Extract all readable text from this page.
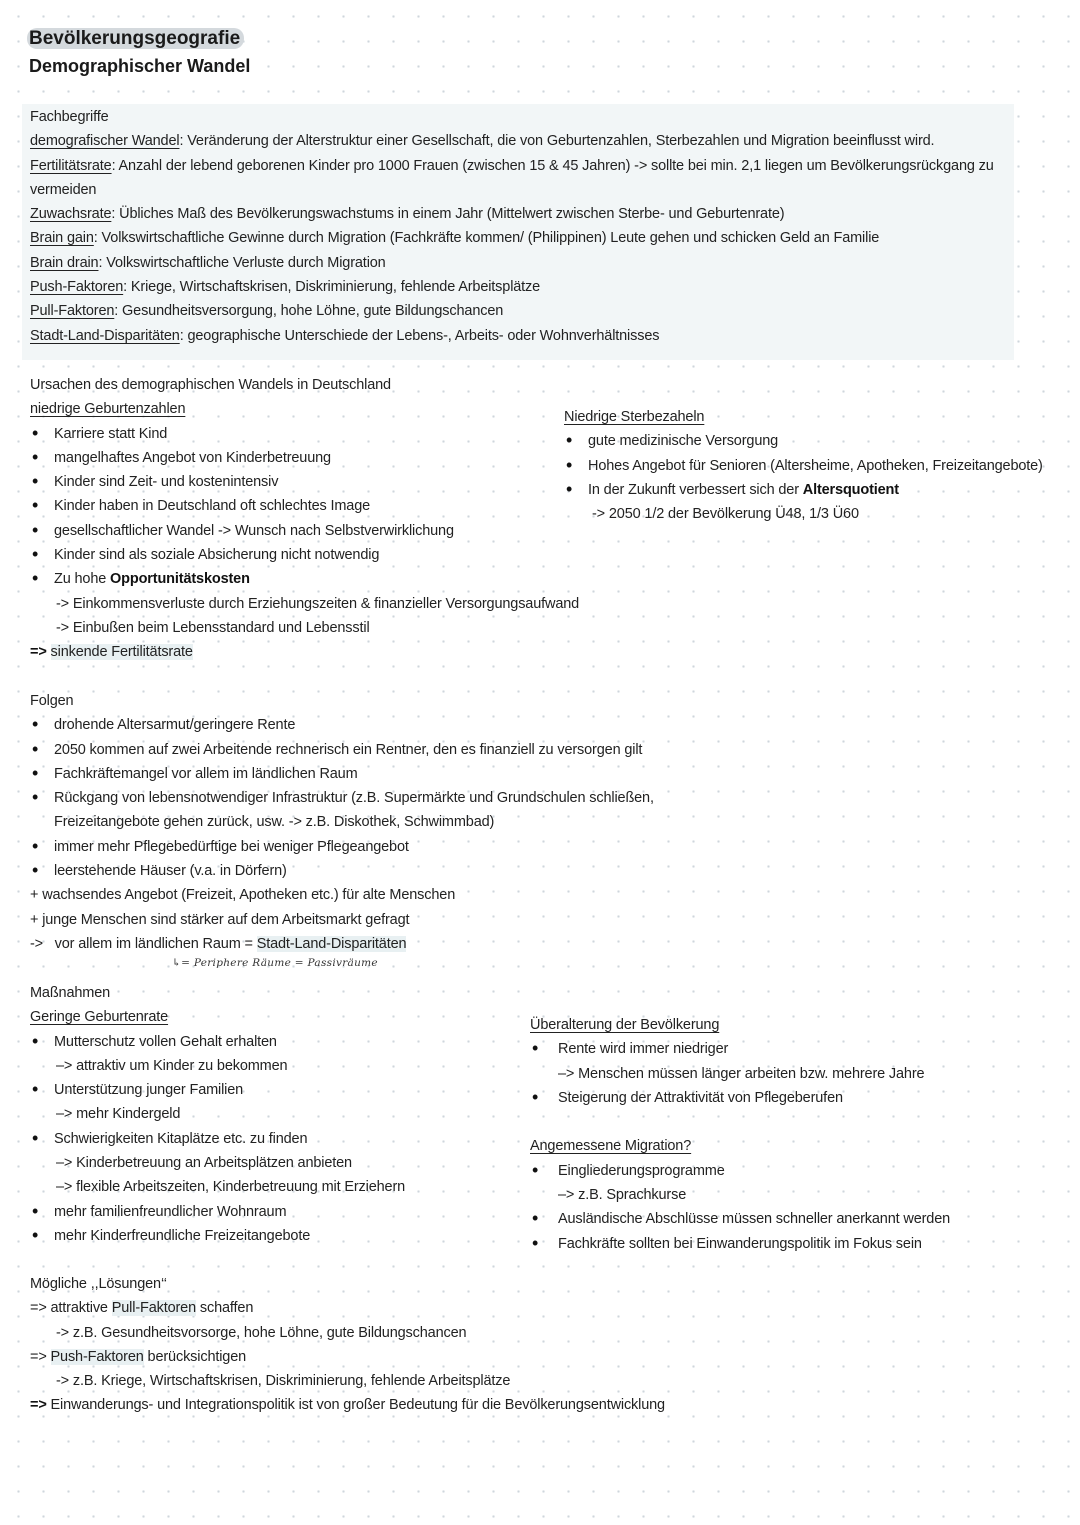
Bevölkerungsgeografie
Demographischer Wandel
Fachbegriffe
demografischer Wandel: Veränderung der Alterstruktur einer Gesellschaft, die von Geburtenzahlen, Sterbezahlen und Migration beeinflusst wird.
Fertilitätsrate: Anzahl der lebend geborenen Kinder pro 1000 Frauen (zwischen 15 & 45 Jahren) -> sollte bei min. 2,1 liegen um Bevölkerungsrückgang zu
vermeiden
Zuwachsrate: Übliches Maß des Bevölkerungswachstums in einem Jahr (Mittelwert zwischen Sterbe- und Geburtenrate)
Brain gain: Volkswirtschaftliche Gewinne durch Migration (Fachkräfte kommen/ (Philippinen) Leute gehen und schicken Geld an Familie
Brain drain: Volkswirtschaftliche Verluste durch Migration
Push-Faktoren: Kriege, Wirtschaftskrisen, Diskriminierung, fehlende Arbeitsplätze
Pull-Faktoren: Gesundheitsversorgung, hohe Löhne, gute Bildungschancen
Stadt-Land-Disparitäten: geographische Unterschiede der Lebens-, Arbeits- oder Wohnverhältnisses
Ursachen des demographischen Wandels in Deutschland
niedrige Geburtenzahlen
• Karriere statt Kind
• mangelhaftes Angebot von Kinderbetreuung
• Kinder sind Zeit- und kostenintensiv
• Kinder haben in Deutschland oft schlechtes Image
• gesellschaftlicher Wandel -> Wunsch nach Selbstverwirklichung
• Kinder sind als soziale Absicherung nicht notwendig
• Zu hohe Opportunitätskosten
-> Einkommensverluste durch Erziehungszeiten & finanzieller Versorgungsaufwand
-> Einbußen beim Lebensstandard und Lebensstil
=> sinkende Fertilitätsrate
Niedrige Sterbezaheln
• gute medizinische Versorgung
• Hohes Angebot für Senioren (Altersheime, Apotheken, Freizeitangebote)
• In der Zukunft verbessert sich der Altersquotient
-> 2050 1/2 der Bevölkerung Ü48, 1/3 Ü60
Folgen
• drohende Altersarmut/geringere Rente
• 2050 kommen auf zwei Arbeitende rechnerisch ein Rentner, den es finanziell zu versorgen gilt
• Fachkräftemangel vor allem im ländlichen Raum
• Rückgang von lebensnotwendiger Infrastruktur (z.B. Supermärkte und Grundschulen schließen,
Freizeitangebote gehen zurück, usw. -> z.B. Diskothek, Schwimmbad)
• immer mehr Pflegebedürftige bei weniger Pflegeangebot
• leerstehende Häuser (v.a. in Dörfern)
+ wachsendes Angebot (Freizeit, Apotheken etc.) für alte Menschen
+ junge Menschen sind stärker auf dem Arbeitsmarkt gefragt
->   vor allem im ländlichen Raum = Stadt-Land-Disparitäten
↳= Periphere Räume = Passivräume
Maßnahmen
Geringe Geburtenrate
• Mutterschutz vollen Gehalt erhalten
–> attraktiv um Kinder zu bekommen
• Unterstützung junger Familien
–> mehr Kindergeld
• Schwierigkeiten Kitaplätze etc. zu finden
–> Kinderbetreuung an Arbeitsplätzen anbieten
–> flexible Arbeitszeiten, Kinderbetreuung mit Erziehern
• mehr familienfreundlicher Wohnraum
• mehr Kinderfreundliche Freizeitangebote
Überalterung der Bevölkerung
• Rente wird immer niedriger
–> Menschen müssen länger arbeiten bzw. mehrere Jahre
• Steigerung der Attraktivität von Pflegeberufen
Angemessene Migration?
• Eingliederungsprogramme
–> z.B. Sprachkurse
• Ausländische Abschlüsse müssen schneller anerkannt werden
• Fachkräfte sollten bei Einwanderungspolitik im Fokus sein
Mögliche ,,Lösungen‘‘
=> attraktive Pull-Faktoren schaffen
-> z.B. Gesundheitsvorsorge, hohe Löhne, gute Bildungschancen
=> Push-Faktoren berücksichtigen
-> z.B. Kriege, Wirtschaftskrisen, Diskriminierung, fehlende Arbeitsplätze
=> Einwanderungs- und Integrationspolitik ist von großer Bedeutung für die Bevölkerungsentwicklung
